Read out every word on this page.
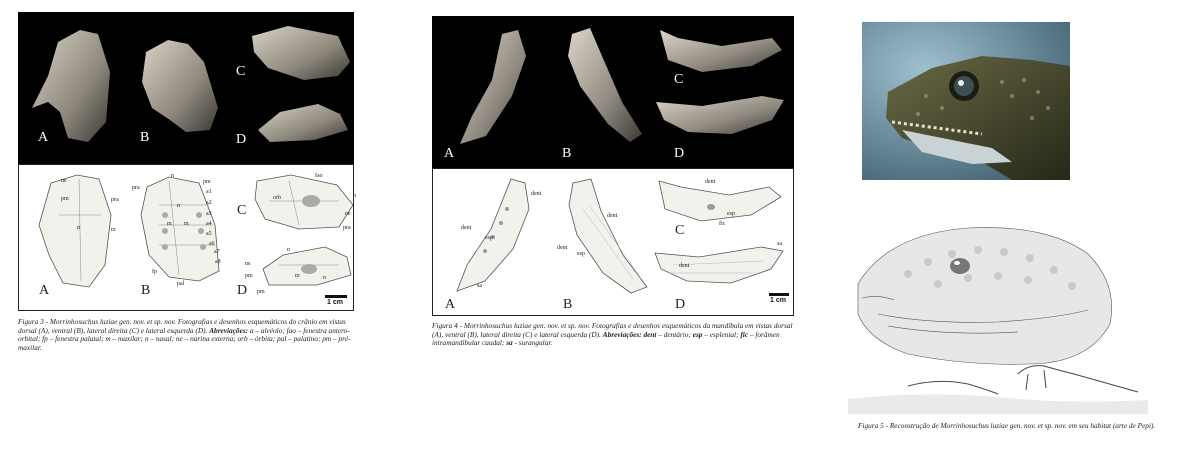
A	B
C
D
ne
pm	pra
m
n
pra
n
pm
a1
a2
a3
a4
a5
a6
a7
a8
fp
pal
m m
n
fao
orb	n
ne
pra
n
ne
pm	m
pm
n
A	B
C
D
1 cm
Figura 3 - Morrinhosuchus luziae gen. nov. et sp. nov. Fotografias e desenhos esquemáticos do crânio em vistas dorsal (A), ventral (B), lateral direita (C) e lateral esquerda (D). Abreviações: a – alvéolo; fao – fenestra antero-orbital; fp – fenestra palatal; m – maxilar; n – nasal; ne – narina externa; orb – órbita; pal – palatino; pm – pré-maxilar.
A	B
C
D
dent
dent
esp
sa
dent
dent
esp
dent
esp
fic
sa
dent
A	B
C
D	1 cm
Figura 4 - Morrinhosuchus luziae gen. nov. et sp. nov. Fotografias e desenhos esquemáticos da mandíbula em vistas dorsal (A), ventral (B), lateral direita (C) e lateral esquerda (D). Abreviações: dent – dentário; esp – esplenial; fic – forâmen intramandibular caudal; sa - surangular.
Figura 5 - Reconstrução de Morrinhosuchus luziae gen. nov. et sp. nov. em seu habitat (arte de Pepi).
